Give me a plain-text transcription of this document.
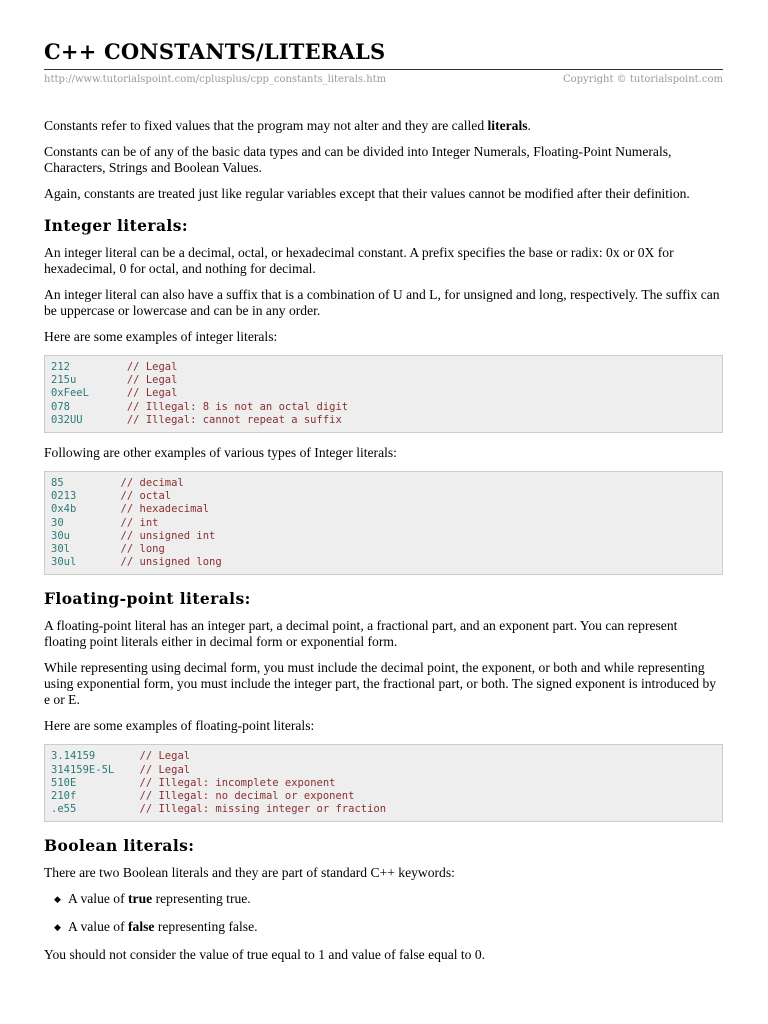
C++ CONSTANTS/LITERALS
http://www.tutorialspoint.com/cplusplus/cpp_constants_literals.htm	Copyright © tutorialspoint.com

Constants refer to fixed values that the program may not alter and they are called literals.

Constants can be of any of the basic data types and can be divided into Integer Numerals, Floating-Point Numerals, Characters, Strings and Boolean Values.

Again, constants are treated just like regular variables except that their values cannot be modified after their definition.

Integer literals:

An integer literal can be a decimal, octal, or hexadecimal constant. A prefix specifies the base or radix: 0x or 0X for hexadecimal, 0 for octal, and nothing for decimal.

An integer literal can also have a suffix that is a combination of U and L, for unsigned and long, respectively. The suffix can be uppercase or lowercase and can be in any order.

Here are some examples of integer literals:

212         // Legal
215u        // Legal
0xFeeL      // Legal
078         // Illegal: 8 is not an octal digit
032UU       // Illegal: cannot repeat a suffix

Following are other examples of various types of Integer literals:

85         // decimal
0213       // octal
0x4b       // hexadecimal
30         // int
30u        // unsigned int
30l        // long
30ul       // unsigned long
Floating-point literals:

A floating-point literal has an integer part, a decimal point, a fractional part, and an exponent part. You can represent floating point literals either in decimal form or exponential form.

While representing using decimal form, you must include the decimal point, the exponent, or both and while representing using exponential form, you must include the integer part, the fractional part, or both. The signed exponent is introduced by e or E.

Here are some examples of floating-point literals:

3.14159       // Legal
314159E-5L    // Legal
510E          // Illegal: incomplete exponent
210f          // Illegal: no decimal or exponent
.e55          // Illegal: missing integer or fraction
Boolean literals:

There are two Boolean literals and they are part of standard C++ keywords:

◆ A value of true representing true.
◆ A value of false representing false.

You should not consider the value of true equal to 1 and value of false equal to 0.
